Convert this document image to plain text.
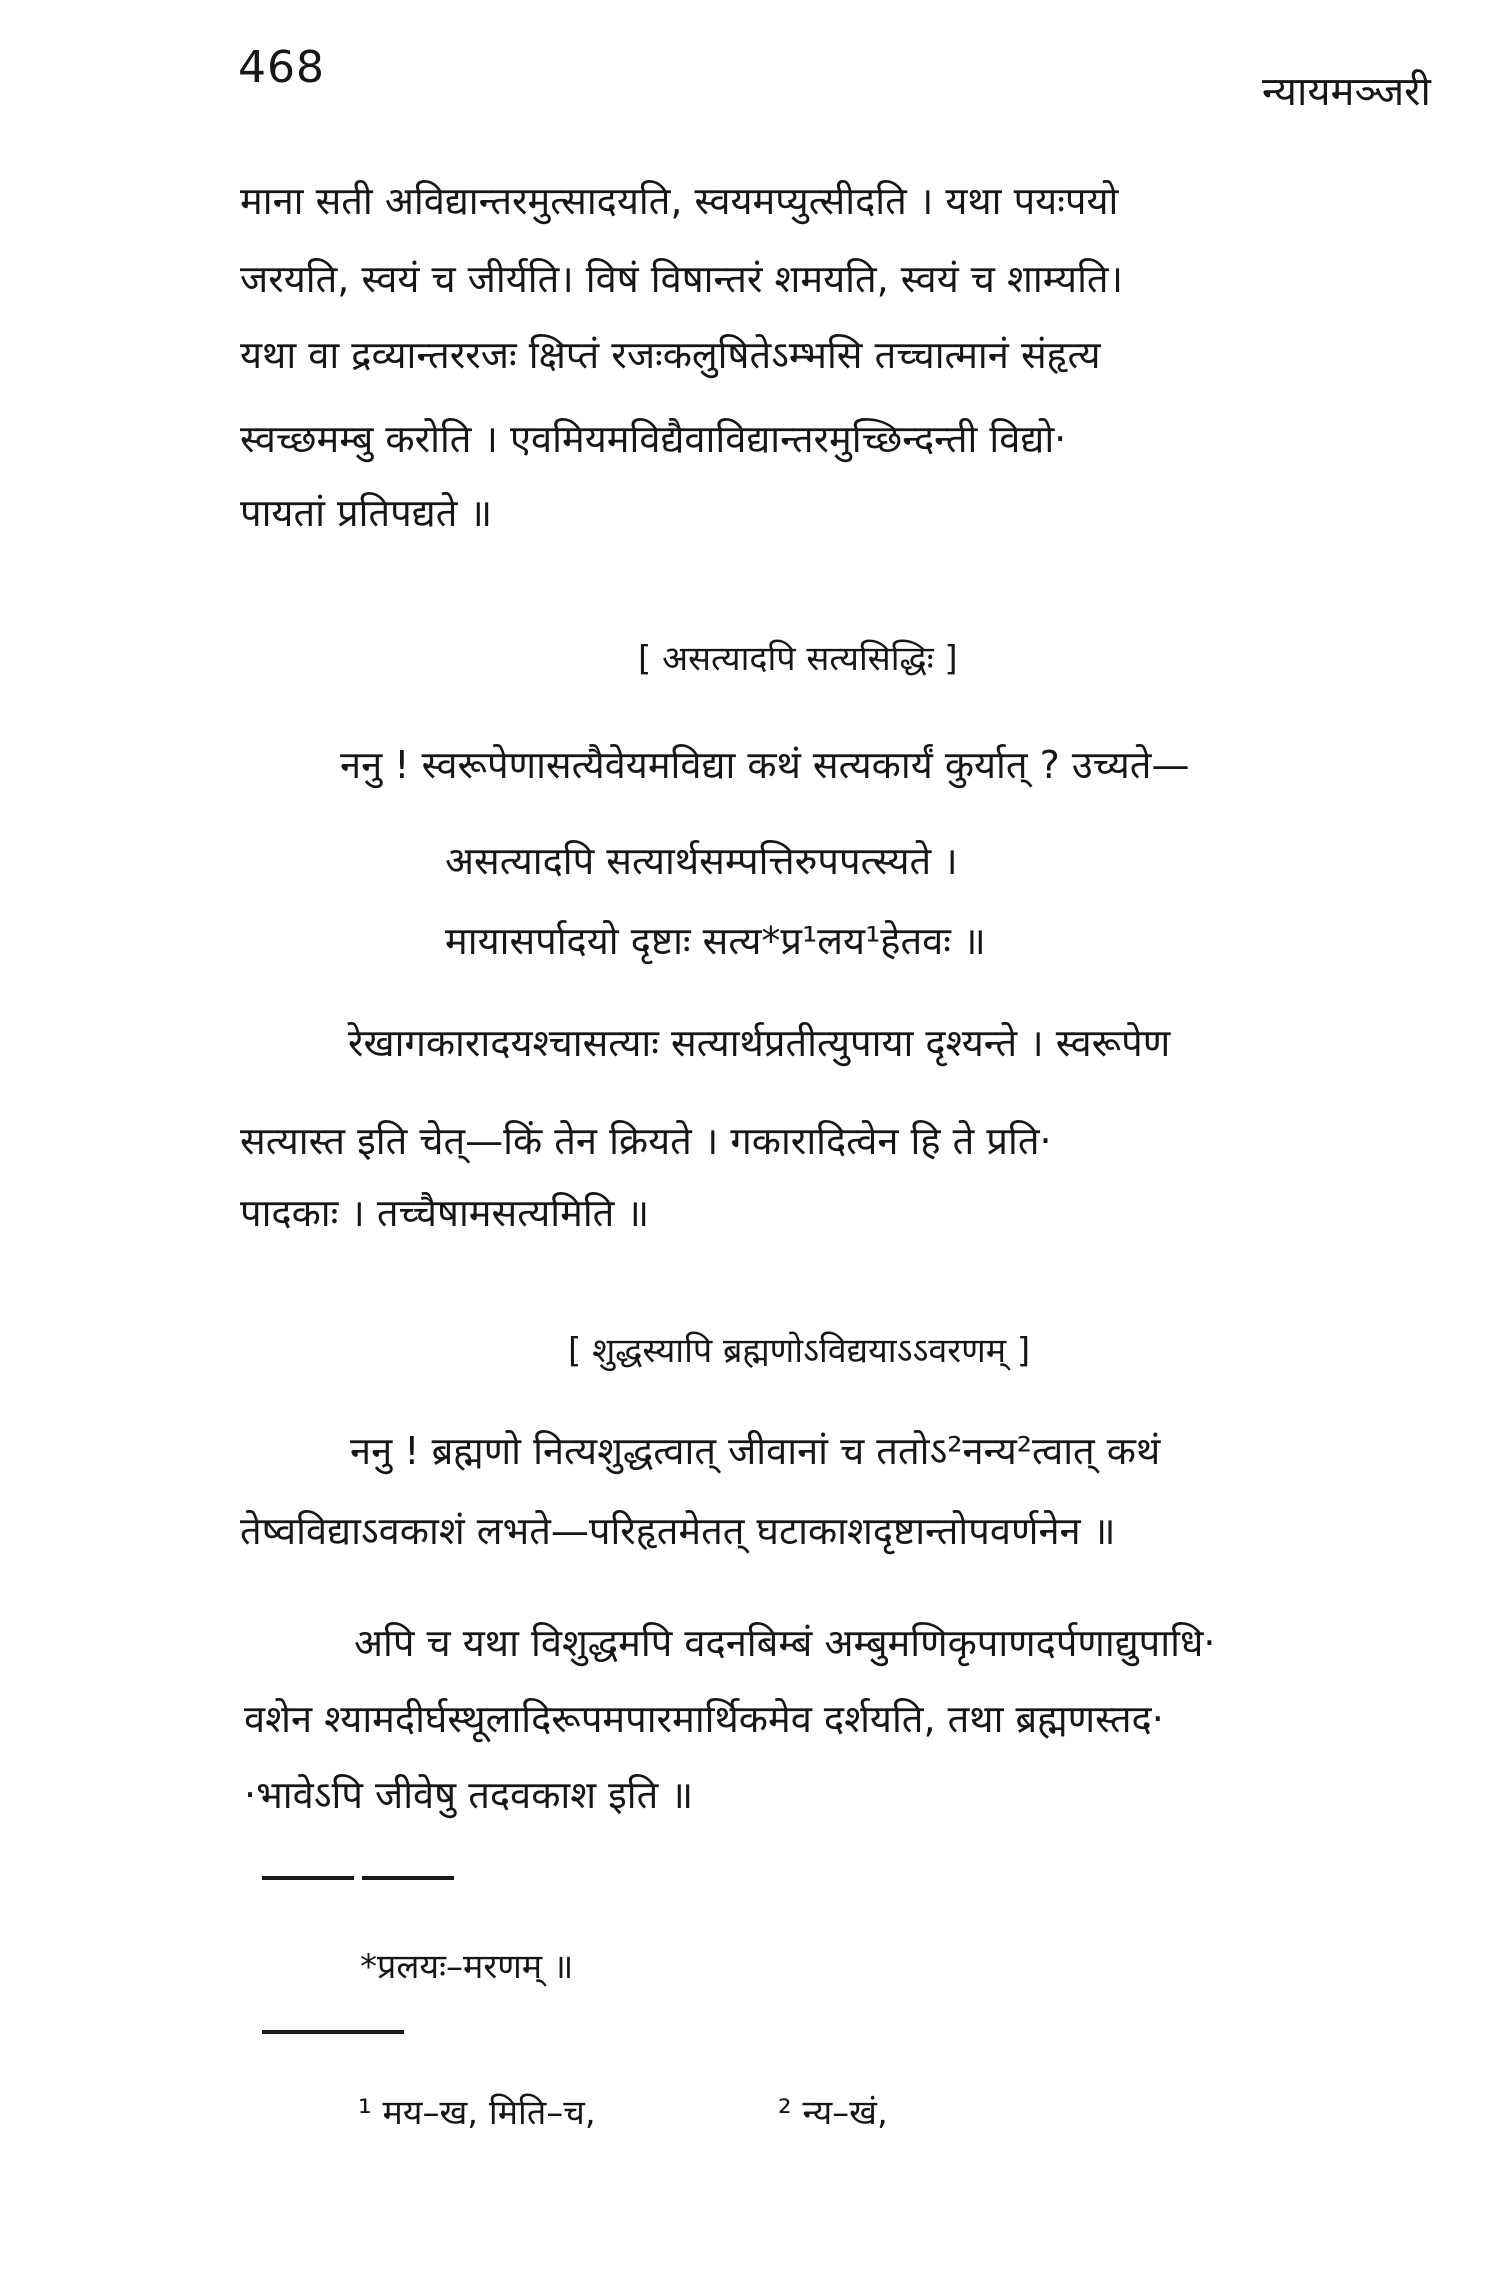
468	न्यायमञ्जरी
माना सती अविद्यान्तरमुत्सादयति, स्वयमप्युत्सीदति । यथा पयःपयो
जरयति, स्वयं च जीर्यति। विषं विषान्तरं शमयति, स्वयं च शाम्यति।
यथा वा द्रव्यान्तररजः क्षिप्तं रजःकलुषितेऽम्भसि तच्चात्मानं संहृत्य
स्वच्छमम्बु करोति । एवमियमविद्यैवाविद्यान्तरमुच्छिन्दन्ती विद्यो·
पायतां प्रतिपद्यते ॥
[ असत्यादपि सत्यसिद्धिः ]
ननु ! स्वरूपेणासत्यैवेयमविद्या कथं सत्यकार्यं कुर्यात् ? उच्यते—
असत्यादपि सत्यार्थसम्पत्तिरुपपत्स्यते ।
मायासर्पादयो दृष्टाः सत्य*प्र¹लय¹हेतवः ॥
रेखागकारादयश्चासत्याः सत्यार्थप्रतीत्युपाया दृश्यन्ते । स्वरूपेण
सत्यास्त इति चेत्—किं तेन क्रियते । गकारादित्वेन हि ते प्रति·
पादकाः । तच्चैषामसत्यमिति ॥
[ शुद्धस्यापि ब्रह्मणोऽविद्ययाऽऽवरणम् ]
ननु ! ब्रह्मणो नित्यशुद्धत्वात् जीवानां च ततोऽ²नन्य²त्वात् कथं
तेष्वविद्याऽवकाशं लभते—परिहृतमेतत् घटाकाशदृष्टान्तोपवर्णनेन ॥
अपि च यथा विशुद्धमपि वदनबिम्बं अम्बुमणिकृपाणदर्पणाद्युपाधि·
वशेन श्यामदीर्घस्थूलादिरूपमपारमार्थिकमेव दर्शयति, तथा ब्रह्मणस्तद·
·भावेऽपि जीवेषु तदवकाश इति ॥
*प्रलयः–मरणम् ॥
¹ मय–ख, मिति–च,	² न्य–खं,
